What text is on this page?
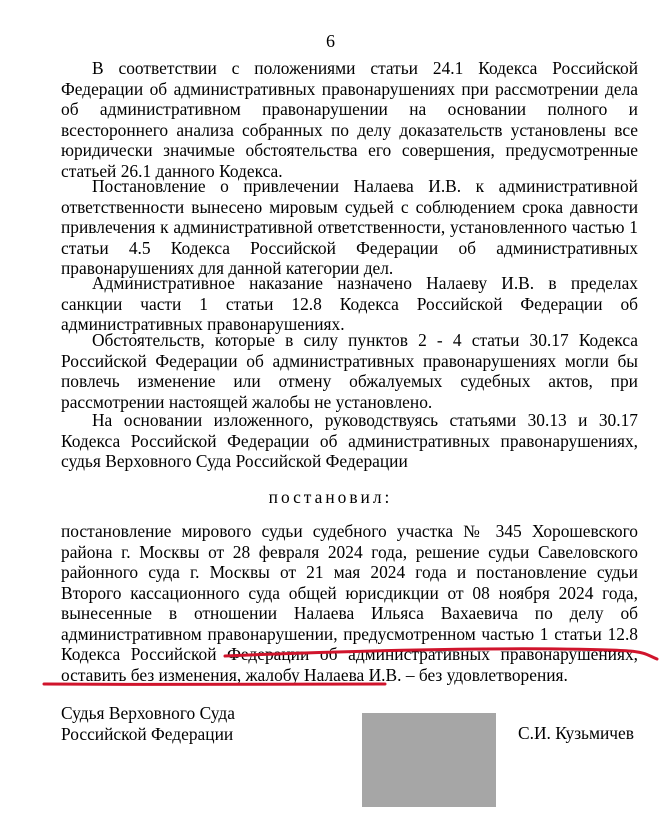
6

В соответствии с положениями статьи 24.1 Кодекса Российской Федерации об административных правонарушениях при рассмотрении дела об административном правонарушении на основании полного и всестороннего анализа собранных по делу доказательств установлены все юридически значимые обстоятельства его совершения, предусмотренные статьей 26.1 данного Кодекса.

Постановление о привлечении Налаева И.В. к административной ответственности вынесено мировым судьей с соблюдением срока давности привлечения к административной ответственности, установленного частью 1 статьи 4.5 Кодекса Российской Федерации об административных правонарушениях для данной категории дел.

Административное наказание назначено Налаеву И.В. в пределах санкции части 1 статьи 12.8 Кодекса Российской Федерации об административных правонарушениях.

Обстоятельств, которые в силу пунктов 2 - 4 статьи 30.17 Кодекса Российской Федерации об административных правонарушениях могли бы повлечь изменение или отмену обжалуемых судебных актов, при рассмотрении настоящей жалобы не установлено.

На основании изложенного, руководствуясь статьями 30.13 и 30.17 Кодекса Российской Федерации об административных правонарушениях, судья Верховного Суда Российской Федерации

постановил:

постановление мирового судьи судебного участка № 345 Хорошевского района г. Москвы от 28 февраля 2024 года, решение судьи Савеловского районного суда г. Москвы от 21 мая 2024 года и постановление судьи Второго кассационного суда общей юрисдикции от 08 ноября 2024 года, вынесенные в отношении Налаева Ильяса Вахаевича по делу об административном правонарушении, предусмотренном частью 1 статьи 12.8 Кодекса Российской Федерации об административных правонарушениях, оставить без изменения, жалобу Налаева И.В. – без удовлетворения.

Судья Верховного Суда
Российской Федерации	С.И. Кузьмичев
